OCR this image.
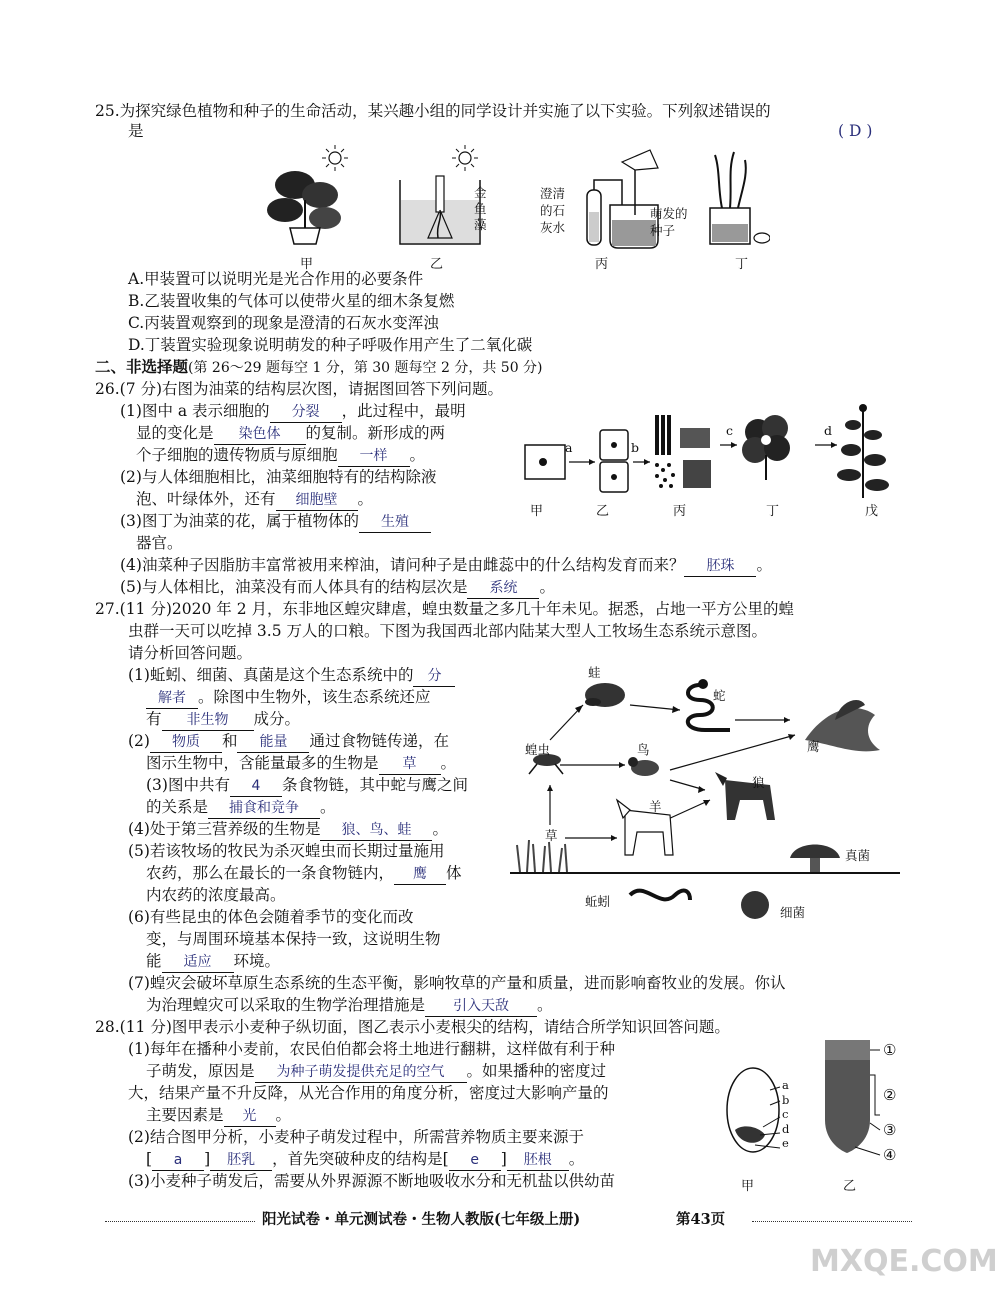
25.为探究绿色植物和种子的生命活动，某兴趣小组的同学设计并实施了以下实验。下列叙述错误的
是	( D )
金鱼藻
澄清
的石
灰水
萌发的
种子
甲	乙	丙	丁
A.甲装置可以说明光是光合作用的必要条件
B.乙装置收集的气体可以使带火星的细木条复燃
C.丙装置观察到的现象是澄清的石灰水变浑浊
D.丁装置实验现象说明萌发的种子呼吸作用产生了二氧化碳
二、非选择题(第 26～29 题每空 1 分，第 30 题每空 2 分，共 50 分)
26.(7 分)右图为油菜的结构层次图，请据图回答下列问题。
(1)图中 a 表示细胞的 分裂 ，此过程中，最明
显的变化是 染色体 的复制。新形成的两
个子细胞的遗传物质与原细胞 一样 。
(2)与人体细胞相比，油菜细胞特有的结构除液
泡、叶绿体外，还有 细胞壁 。
(3)图丁为油菜的花，属于植物体的 生殖
器官。
(4)油菜种子因脂肪丰富常被用来榨油，请问种子是由雌蕊中的什么结构发育而来？ 胚珠 。
(5)与人体相比，油菜没有而人体具有的结构层次是 系统 。
a	b
c	d
甲	乙	丙	丁	戊
27.(11 分)2020 年 2 月，东非地区蝗灾肆虐，蝗虫数量之多几十年未见。据悉，占地一平方公里的蝗
虫群一天可以吃掉 3.5 万人的口粮。下图为我国西北部内陆某大型人工牧场生态系统示意图。
请分析回答问题。
(1)蚯蚓、细菌、真菌是这个生态系统中的 分
解者 。除图中生物外，该生态系统还应
有 非生物 成分。
(2) 物质 和 能量 通过食物链传递，在
图示生物中，含能量最多的生物是 草 。
(3)图中共有 4 条食物链，其中蛇与鹰之间
的关系是 捕食和竞争 。
(4)处于第三营养级的生物是 狼、鸟、蛙 。
(5)若该牧场的牧民为杀灭蝗虫而长期过量施用
农药，那么在最长的一条食物链内， 鹰 体
内农药的浓度最高。
(6)有些昆虫的体色会随着季节的变化而改
变，与周围环境基本保持一致，这说明生物
能 适应 环境。
(7)蝗灾会破坏草原生态系统的生态平衡，影响牧草的产量和质量，进而影响畜牧业的发展。你认
为治理蝗灾可以采取的生物学治理措施是 引入天敌 。
蛙
蛇
鹰
蝗虫	鸟
狼
羊
草
真菌
蚯蚓
细菌
28.(11 分)图甲表示小麦种子纵切面，图乙表示小麦根尖的结构，请结合所学知识回答问题。
(1)每年在播种小麦前，农民伯伯都会将土地进行翻耕，这样做有利于种
子萌发，原因是 为种子萌发提供充足的空气 。如果播种的密度过
大，结果产量不升反降，从光合作用的角度分析，密度过大影响产量的
主要因素是 光 。
(2)结合图甲分析，小麦种子萌发过程中，所需营养物质主要来源于
[ a ] 胚乳 ，首先突破种皮的结构是[ e ] 胚根 。
(3)小麦种子萌发后，需要从外界源源不断地吸收水分和无机盐以供幼苗
a
b
c
d
e
①
②
③
④
甲	乙
阳光试卷・单元测试卷・生物人教版(七年级上册)	第43页
MXQE.COM
